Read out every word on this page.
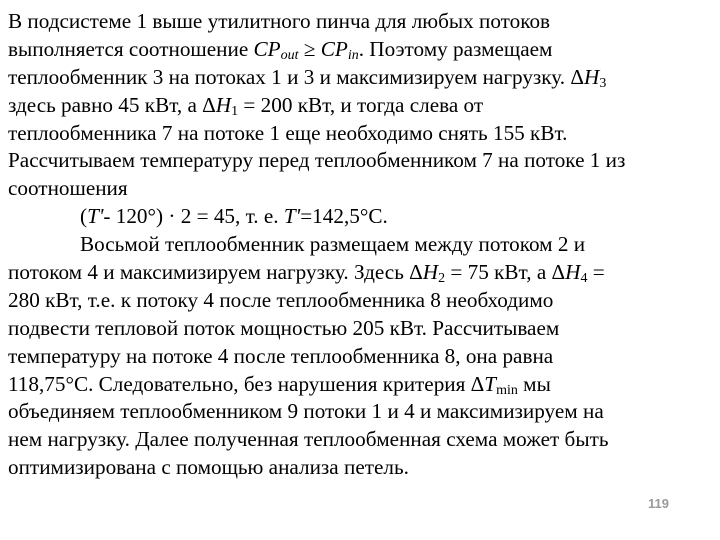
В подсистеме 1 выше утилитного пинча для любых потоков
выполняется соотношение $CP_{out} \ge CP_{in}$. Поэтому размещаем
теплообменник 3 на потоках 1 и 3 и максимизируем нагрузку. $\Delta H_3$
здесь равно 45 кВт, а $\Delta H_1 = 200$ кВт, и тогда слева от
теплообменника 7 на потоке 1 еще необходимо снять 155 кВт.
Рассчитываем температуру перед теплообменником 7 на потоке 1 из
соотношения
(T'- 120°) · 2 = 45, т. е. T'=142,5°C.
Восьмой теплообменник размещаем между потоком 2 и
потоком 4 и максимизируем нагрузку. Здесь $\Delta H_2 = 75$ кВт, а $\Delta H_4$ =
280 кВт, т.е. к потоку 4 после теплообменника 8 необходимо
подвести тепловой поток мощностью 205 кВт. Рассчитываем
температуру на потоке 4 после теплообменника 8, она равна
118,75°C. Следовательно, без нарушения критерия $\Delta T_{min}$ мы
объединяем теплообменником 9 потоки 1 и 4 и максимизируем на
нем нагрузку. Далее полученная теплообменная схема может быть
оптимизирована с помощью анализа петель.
119
